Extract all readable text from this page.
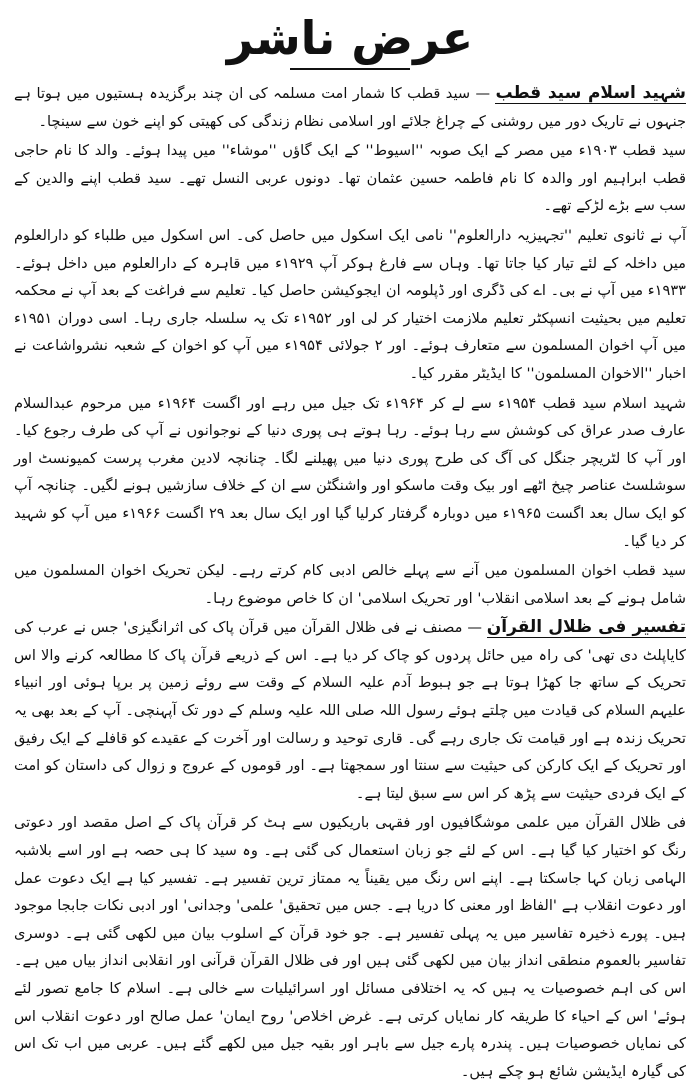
عرض ناشر

شہید اسلام سید قطب — سید قطب کا شمار امت مسلمہ کی ان چند برگزیدہ ہستیوں میں ہوتا ہے جنہوں نے تاریک دور میں روشنی کے چراغ جلائے اور اسلامی نظام زندگی کی کھیتی کو اپنے خون سے سینچا۔

سید قطب ۱۹۰۳ء میں مصر کے ایک صوبہ ''اسیوط'' کے ایک گاؤں ''موشاء'' میں پیدا ہوئے۔ والد کا نام حاجی قطب ابراہیم اور والدہ کا نام فاطمہ حسین عثمان تھا۔ دونوں عربی النسل تھے۔ سید قطب اپنے والدین کے سب سے بڑے لڑکے تھے۔

آپ نے ثانوی تعلیم ''تجہیزیہ دارالعلوم'' نامی ایک اسکول میں حاصل کی۔ اس اسکول میں طلباء کو دارالعلوم میں داخلہ کے لئے تیار کیا جاتا تھا۔ وہاں سے فارغ ہوکر آپ ۱۹۲۹ء میں قاہرہ کے دارالعلوم میں داخل ہوئے۔ ۱۹۳۳ء میں آپ نے بی۔ اے کی ڈگری اور ڈپلومہ ان ایجوکیشن حاصل کیا۔ تعلیم سے فراغت کے بعد آپ نے محکمہ تعلیم میں بحیثیت انسپکٹر تعلیم ملازمت اختیار کر لی اور ۱۹۵۲ء تک یہ سلسلہ جاری رہا۔ اسی دوران ۱۹۵۱ء میں آپ اخوان المسلمون سے متعارف ہوئے۔ اور ۲ جولائی ۱۹۵۴ء میں آپ کو اخوان کے شعبہ نشرواشاعت نے اخبار ''الاخوان المسلمون'' کا ایڈیٹر مقرر کیا۔

شہید اسلام سید قطب ۱۹۵۴ء سے لے کر ۱۹۶۴ء تک جیل میں رہے اور اگست ۱۹۶۴ء میں مرحوم عبدالسلام عارف صدر عراق کی کوشش سے رہا ہوئے۔ رہا ہوتے ہی پوری دنیا کے نوجوانوں نے آپ کی طرف رجوع کیا۔ اور آپ کا لٹریچر جنگل کی آگ کی طرح پوری دنیا میں پھیلنے لگا۔ چنانچہ لادین مغرب پرست کمیونسٹ اور سوشلسٹ عناصر چیخ اٹھے اور بیک وقت ماسکو اور واشنگٹن سے ان کے خلاف سازشیں ہونے لگیں۔ چنانچہ آپ کو ایک سال بعد اگست ۱۹۶۵ء میں دوبارہ گرفتار کرلیا گیا اور ایک سال بعد ۲۹ اگست ۱۹۶۶ء میں آپ کو شہید کر دیا گیا۔

سید قطب اخوان المسلمون میں آنے سے پہلے خالص ادبی کام کرتے رہے۔ لیکن تحریک اخوان المسلمون میں شامل ہونے کے بعد اسلامی انقلاب' اور تحریک اسلامی' ان کا خاص موضوع رہا۔

تفسیر فی ظلال القرآن — مصنف نے فی ظلال القرآن میں قرآن پاک کی اثرانگیزی' جس نے عرب کی کایاپلٹ دی تھی' کی راہ میں حائل پردوں کو چاک کر دیا ہے۔ اس کے ذریعے قرآن پاک کا مطالعہ کرنے والا اس تحریک کے ساتھ جا کھڑا ہوتا ہے جو ہبوط آدم علیہ السلام کے وقت سے روئے زمین پر برپا ہوئی اور انبیاء علیہم السلام کی قیادت میں چلتے ہوئے رسول اللہ صلی اللہ علیہ وسلم کے دور تک آپہنچی۔ آپ کے بعد بھی یہ تحریک زندہ ہے اور قیامت تک جاری رہے گی۔ قاری توحید و رسالت اور آخرت کے عقیدے کو قافلے کے ایک رفیق اور تحریک کے ایک کارکن کی حیثیت سے سنتا اور سمجھتا ہے۔ اور قوموں کے عروج و زوال کی داستان کو امت کے ایک فردی حیثیت سے پڑھ کر اس سے سبق لیتا ہے۔

فی ظلال القرآن میں علمی موشگافیوں اور فقہی باریکیوں سے ہٹ کر قرآن پاک کے اصل مقصد اور دعوتی رنگ کو اختیار کیا گیا ہے۔ اس کے لئے جو زبان استعمال کی گئی ہے۔ وہ سید کا ہی حصہ ہے اور اسے بلاشبہ الہامی زبان کہا جاسکتا ہے۔ اپنے اس رنگ میں یقیناً یہ ممتاز ترین تفسیر ہے۔ تفسیر کیا ہے ایک دعوت عمل اور دعوت انقلاب ہے 'الفاظ اور معنی کا دریا ہے۔ جس میں تحقیق' علمی' وجدانی' اور ادبی نکات جابجا موجود ہیں۔ پورے ذخیرہ تفاسیر میں یہ پہلی تفسیر ہے۔ جو خود قرآن کے اسلوب بیان میں لکھی گئی ہے۔ دوسری تفاسیر بالعموم منطقی انداز بیان میں لکھی گئی ہیں اور فی ظلال القرآن قرآنی اور انقلابی انداز بیاں میں ہے۔ اس کی اہم خصوصیات یہ ہیں کہ یہ اختلافی مسائل اور اسرائیلیات سے خالی ہے۔ اسلام کا جامع تصور لئے ہوئے' اس کے احیاء کا طریقہ کار نمایاں کرتی ہے۔ غرض اخلاص' روح ایمان' عمل صالح اور دعوت انقلاب اس کی نمایاں خصوصیات ہیں۔ پندرہ پارے جیل سے باہر اور بقیہ جیل میں لکھے گئے ہیں۔ عربی میں اب تک اس کی گیارہ ایڈیشن شائع ہو چکے ہیں۔
